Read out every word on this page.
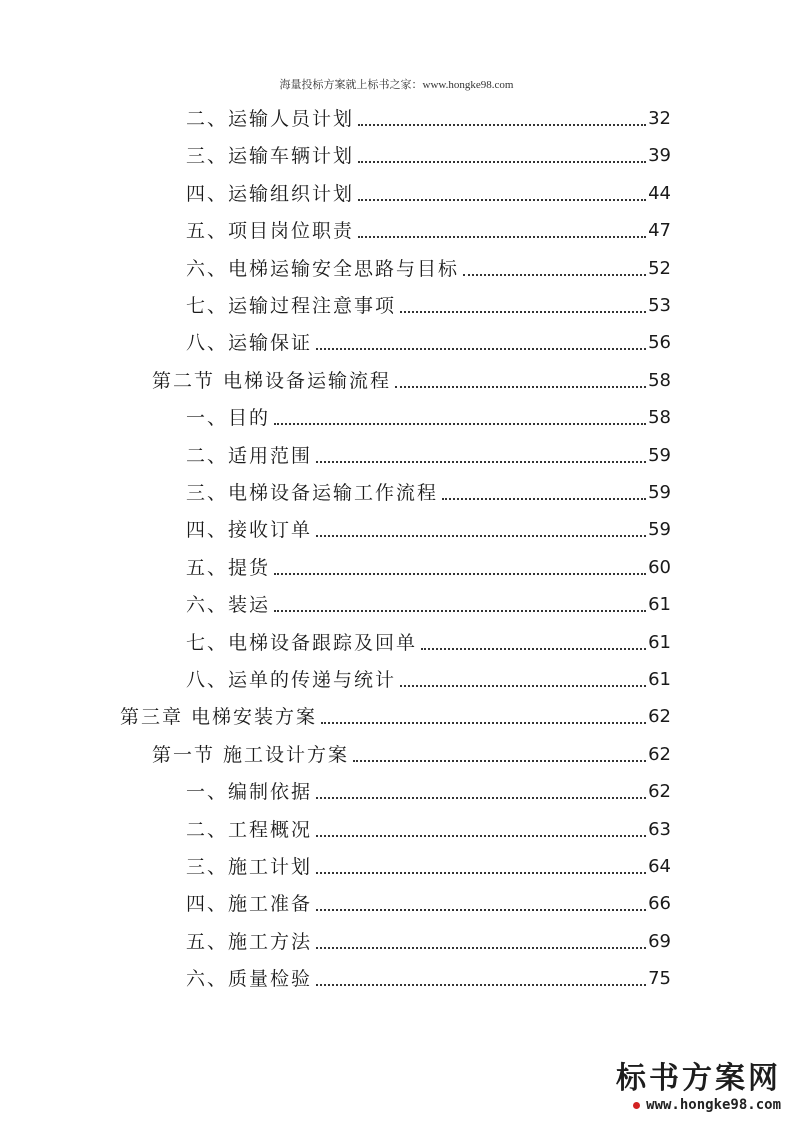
海量投标方案就上标书之家：www.hongke98.com
二、运输人员计划	32
三、运输车辆计划	39
四、运输组织计划	44
五、项目岗位职责	47
六、电梯运输安全思路与目标	52
七、运输过程注意事项	53
八、运输保证	56
第二节 电梯设备运输流程	58
一、目的	58
二、适用范围	59
三、电梯设备运输工作流程	59
四、接收订单	59
五、提货	60
六、装运	61
七、电梯设备跟踪及回单	61
八、运单的传递与统计	61
第三章 电梯安装方案	62
第一节 施工设计方案	62
一、编制依据	62
二、工程概况	63
三、施工计划	64
四、施工准备	66
五、施工方法	69
六、质量检验	75
标书方案网
www.hongke98.com
